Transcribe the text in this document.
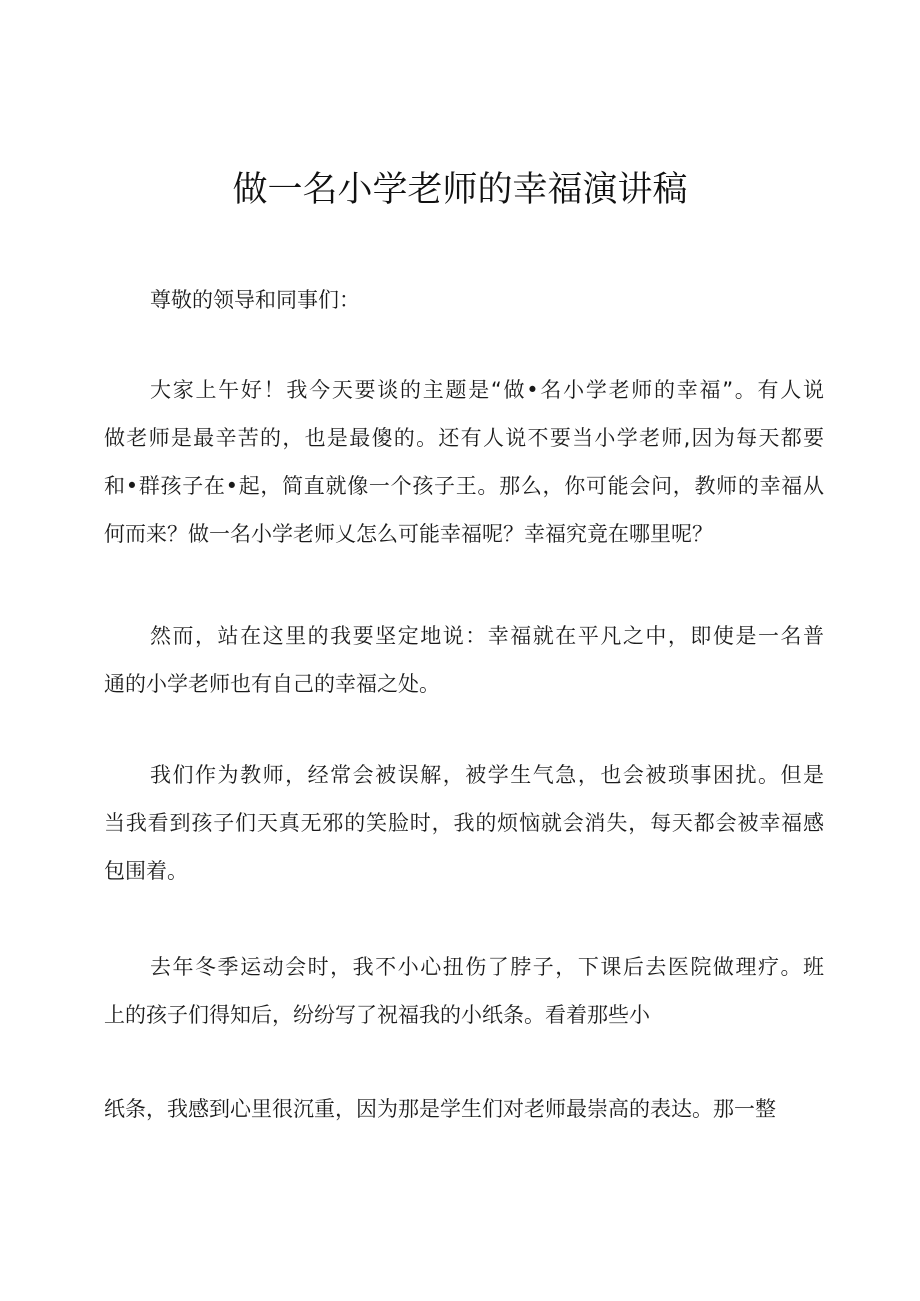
做一名小学老师的幸福演讲稿

尊敬的领导和同事们：

大家上午好！我今天要谈的主题是“做•名小学老师的幸福”。有人说
做老师是最辛苦的，也是最傻的。还有人说不要当小学老师,因为每天都要
和•群孩子在•起，简直就像一个孩子王。那么，你可能会问，教师的幸福从
何而来？做一名小学老师乂怎么可能幸福呢？幸福究竟在哪里呢？

然而，站在这里的我要坚定地说：幸福就在平凡之中，即使是一名普
通的小学老师也有自己的幸福之处。

我们作为教师，经常会被误解，被学生气急，也会被琐事困扰。但是
当我看到孩子们天真无邪的笑脸时，我的烦恼就会消失，每天都会被幸福感
包围着。

去年冬季运动会时，我不小心扭伤了脖子，下课后去医院做理疗。班
上的孩子们得知后，纷纷写了祝福我的小纸条。看着那些小

纸条，我感到心里很沉重，因为那是学生们对老师最崇高的表达。那一整
